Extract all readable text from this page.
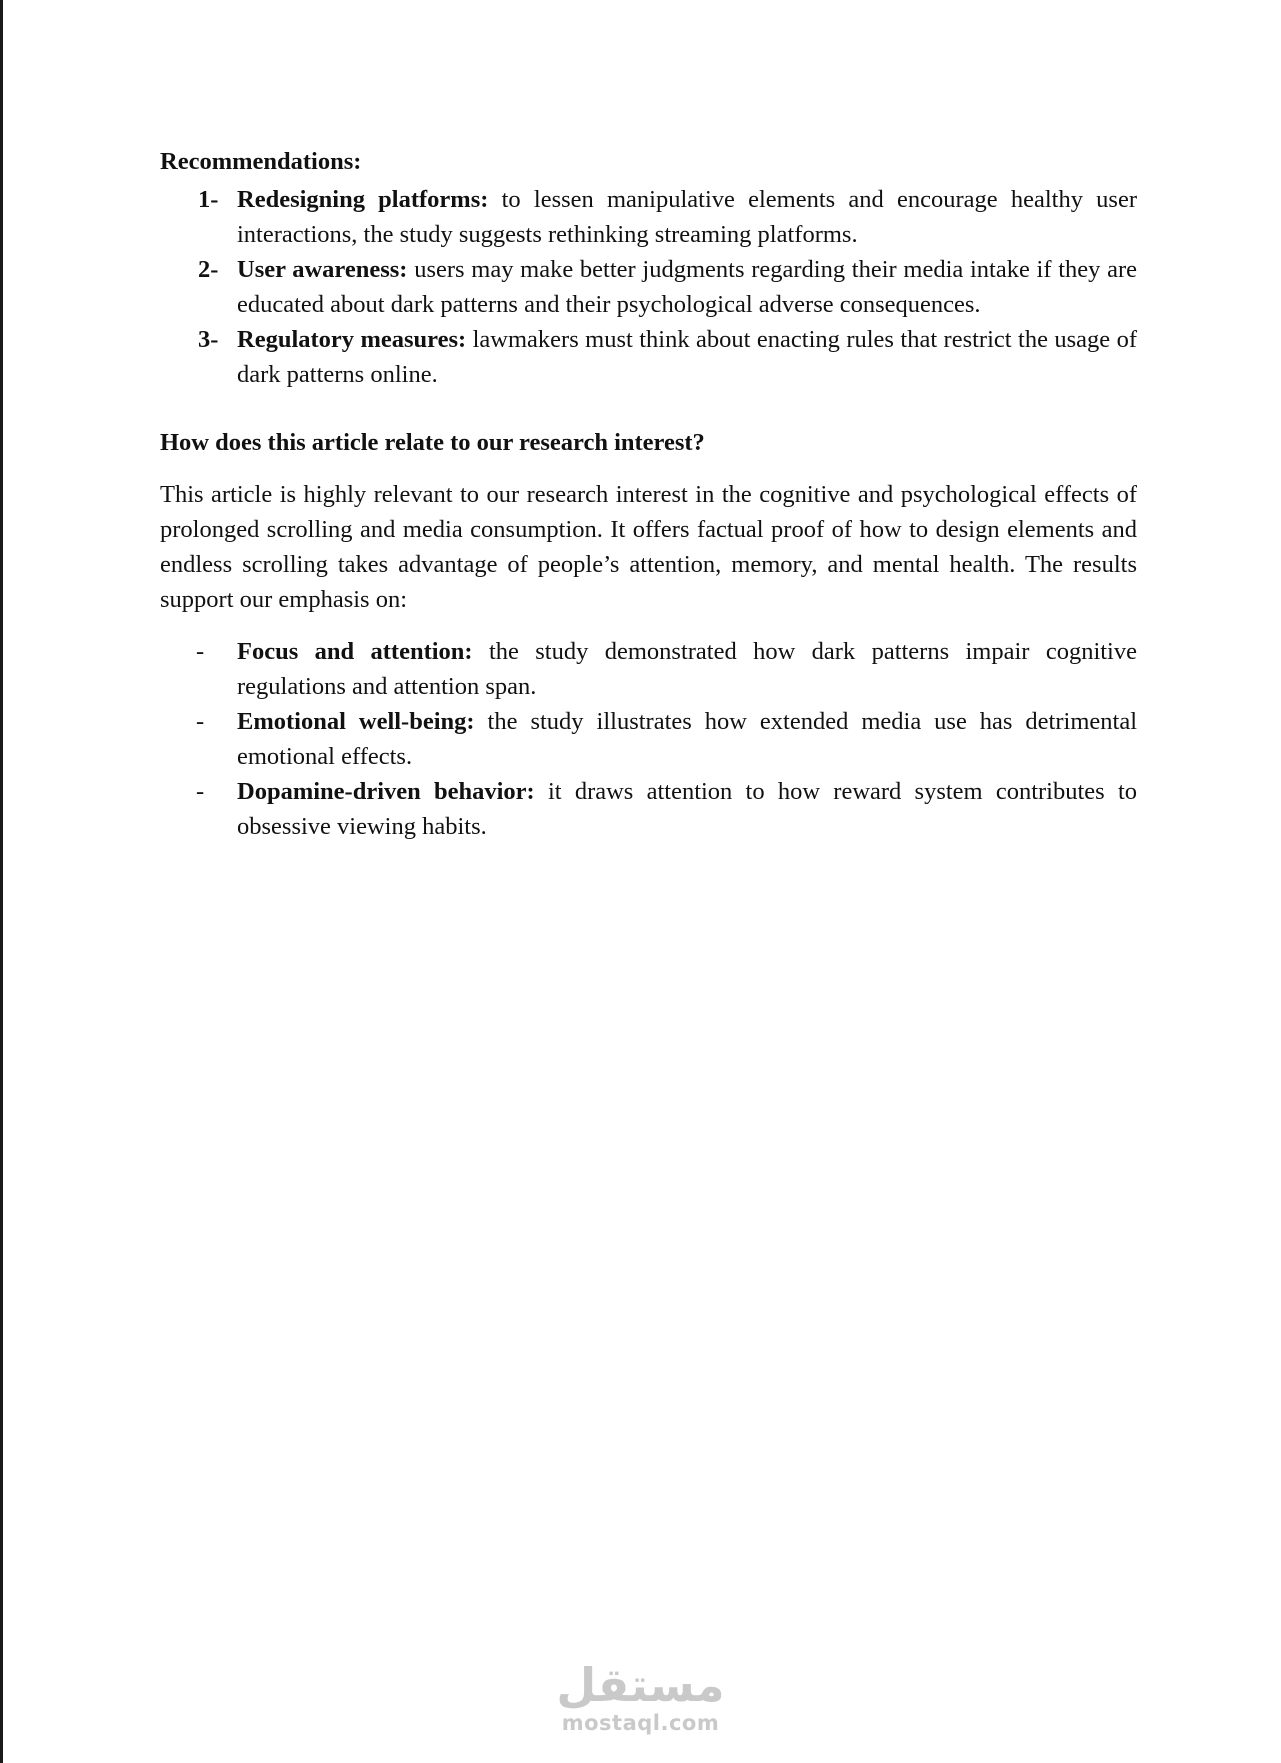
Recommendations:

1- Redesigning platforms: to lessen manipulative elements and encourage healthy user interactions, the study suggests rethinking streaming platforms.
2- User awareness: users may make better judgments regarding their media intake if they are educated about dark patterns and their psychological adverse consequences.
3- Regulatory measures: lawmakers must think about enacting rules that restrict the usage of dark patterns online.

How does this article relate to our research interest?

This article is highly relevant to our research interest in the cognitive and psychological effects of prolonged scrolling and media consumption. It offers factual proof of how to design elements and endless scrolling takes advantage of people’s attention, memory, and mental health. The results support our emphasis on:

- Focus and attention: the study demonstrated how dark patterns impair cognitive regulations and attention span.
- Emotional well-being: the study illustrates how extended media use has detrimental emotional effects.
- Dopamine-driven behavior: it draws attention to how reward system contributes to obsessive viewing habits.
مستقل
mostaql.com
